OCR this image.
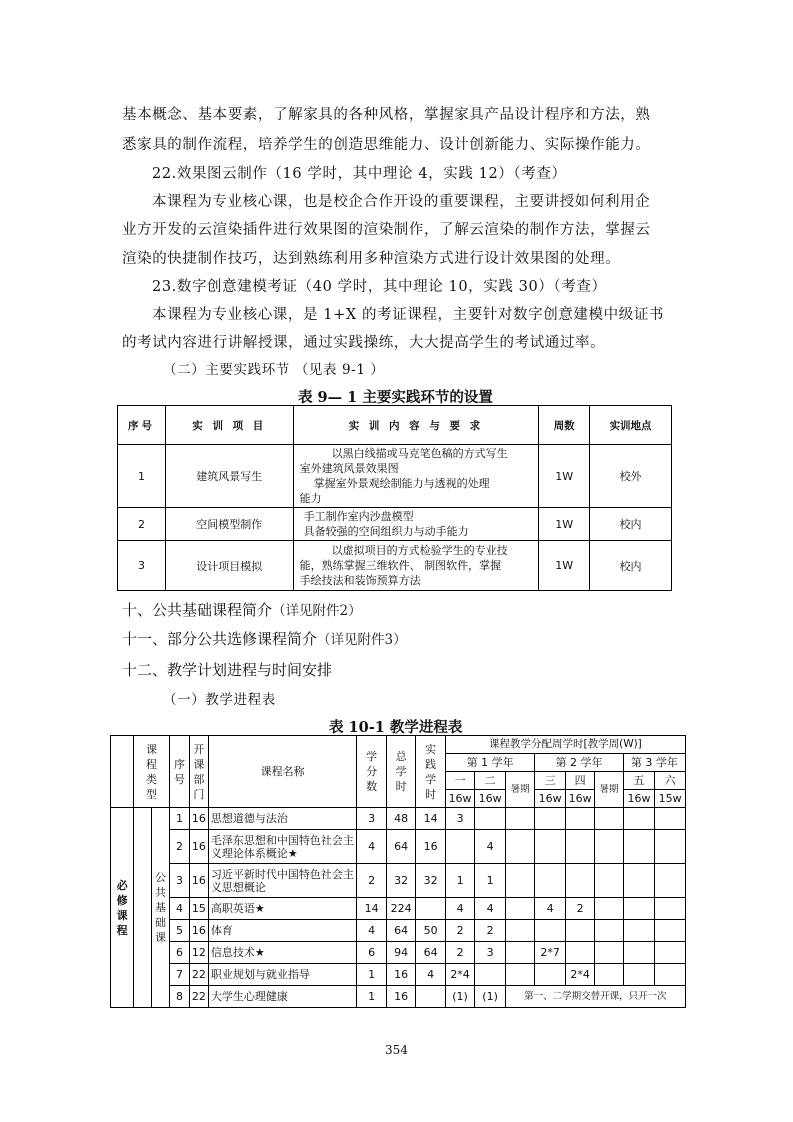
基本概念、基本要素，了解家具的各种风格，掌握家具产品设计程序和方法，熟
悉家具的制作流程，培养学生的创造思维能力、设计创新能力、实际操作能力。
22.效果图云制作（16 学时，其中理论 4，实践 12）（考查）
本课程为专业核心课，也是校企合作开设的重要课程，主要讲授如何利用企
业方开发的云渲染插件进行效果图的渲染制作，了解云渲染的制作方法，掌握云
渲染的快捷制作技巧，达到熟练利用多种渲染方式进行设计效果图的处理。
23.数字创意建模考证（40 学时，其中理论 10，实践 30）（考查）
本课程为专业核心课，是 1+X 的考证课程，主要针对数字创意建模中级证书
的考试内容进行讲解授课，通过实践操练，大大提高学生的考试通过率。
（二）主要实践环节 （见表 9-1 ）
表 9— 1 主要实践环节的设置
序号	实 训 项 目	实 训 内 容 与 要 求	周数	实训地点
1	建筑风景写生	以黑白线描或马克笔色稿的方式写生
室外建筑风景效果图
掌握室外景观绘制能力与透视的处理
能力	1W	校外
2	空间模型制作	手工制作室内沙盘模型
具备较强的空间组织力与动手能力	1W	校内
3	设计项目模拟	以虚拟项目的方式检验学生的专业技
能，熟练掌握三维软件、 制图软件，掌握
手绘技法和装饰预算方法	1W	校内
十、公共基础课程简介（详见附件2）
十一、部分公共选修课程简介（详见附件3）
十二、教学计划进程与时间安排
（一）教学进程表
表 10-1 教学进程表

	课程类型		序号	开课部门	课程名称	学分数	总学时	实践学时	课程教学分配周学时[教学周(W)]							
									第 1 学年			第 2 学年			第 3 学年	
									一	二	暑期	三	四	暑期	五	六
									16w	16w		16w	16w		16w	15w

必修课程		公共基础课	1	16	思想道德与法治	3	48	14	3							
			2	16	毛泽东思想和中国特色社会主义理论体系概论★	4	64	16		4						
			3	16	习近平新时代中国特色社会主义思想概论	2	32	32	1	1						
			4	15	高职英语★	14	224		4	4		4	2			
			5	16	体育	4	64	50	2	2						
			6	12	信息技术★	6	94	64	2	3		2*7				
			7	22	职业规划与就业指导	1	16	4	2*4				2*4			
			8	22	大学生心理健康	1	16		(1)	(1)	第一、二学期交替开课，只开一次					
354
